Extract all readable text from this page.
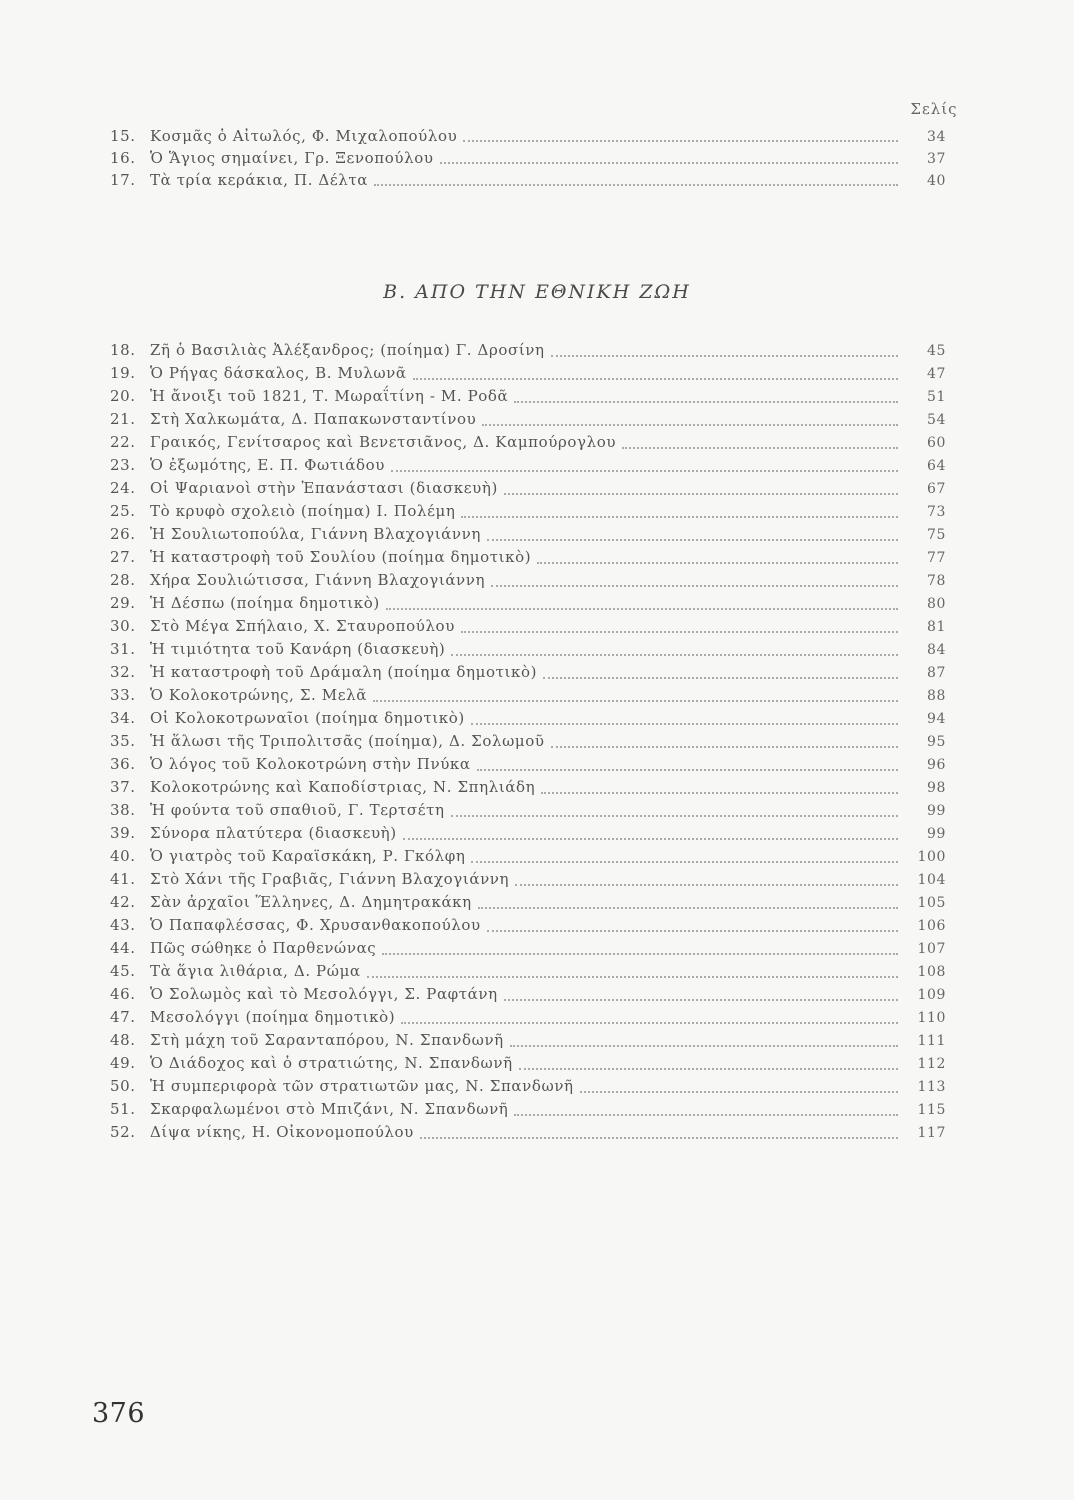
Σελίς
15. Κοσμᾶς ὁ Αἰτωλός, Φ. Μιχαλοπούλου	34
16. Ὁ Ἅγιος σημαίνει, Γρ. Ξενοπούλου	37
17. Τὰ τρία κεράκια, Π. Δέλτα	40
Β. ΑΠΟ ΤΗΝ ΕΘΝΙΚΗ ΖΩΗ
18. Ζῆ ὁ Βασιλιὰς Ἀλέξανδρος; (ποίημα) Γ. Δροσίνη	45
19. Ὁ Ρήγας δάσκαλος, Β. Μυλωνᾶ	47
20. Ἡ ἄνοιξι τοῦ 1821, Τ. Μωραΐτίνη - Μ. Ροδᾶ	51
21. Στὴ Χαλκωμάτα, Δ. Παπακωνσταντίνου	54
22. Γραικός, Γενίτσαρος καὶ Βενετσιᾶνος, Δ. Καμπούρογλου	60
23. Ὁ ἐξωμότης, Ε. Π. Φωτιάδου	64
24. Οἱ Ψαριανοὶ στὴν Ἐπανάστασι (διασκευὴ)	67
25. Τὸ κρυφὸ σχολειὸ (ποίημα) Ι. Πολέμη	73
26. Ἡ Σουλιωτοπούλα, Γιάννη Βλαχογιάννη	75
27. Ἡ καταστροφὴ τοῦ Σουλίου (ποίημα δημοτικὸ)	77
28. Χήρα Σουλιώτισσα, Γιάννη Βλαχογιάννη	78
29. Ἡ Δέσπω (ποίημα δημοτικὸ)	80
30. Στὸ Μέγα Σπήλαιο, Χ. Σταυροπούλου	81
31. Ἡ τιμιότητα τοῦ Κανάρη (διασκευὴ)	84
32. Ἡ καταστροφὴ τοῦ Δράμαλη (ποίημα δημοτικὸ)	87
33. Ὁ Κολοκοτρώνης, Σ. Μελᾶ	88
34. Οἱ Κολοκοτρωναῖοι (ποίημα δημοτικὸ)	94
35. Ἡ ἅλωσι τῆς Τριπολιτσᾶς (ποίημα), Δ. Σολωμοῦ	95
36. Ὁ λόγος τοῦ Κολοκοτρώνη στὴν Πνύκα	96
37. Κολοκοτρώνης καὶ Καποδίστριας, Ν. Σπηλιάδη	98
38. Ἡ φούντα τοῦ σπαθιοῦ, Γ. Τερτσέτη	99
39. Σύνορα πλατύτερα (διασκευὴ)	99
40. Ὁ γιατρὸς τοῦ Καραϊσκάκη, Ρ. Γκόλφη	100
41. Στὸ Χάνι τῆς Γραβιᾶς, Γιάννη Βλαχογιάννη	104
42. Σὰν ἀρχαῖοι Ἕλληνες, Δ. Δημητρακάκη	105
43. Ὁ Παπαφλέσσας, Φ. Χρυσανθακοπούλου	106
44. Πῶς σώθηκε ὁ Παρθενώνας	107
45. Τὰ ἅγια λιθάρια, Δ. Ρώμα	108
46. Ὁ Σολωμὸς καὶ τὸ Μεσολόγγι, Σ. Ραφτάνη	109
47. Μεσολόγγι (ποίημα δημοτικὸ)	110
48. Στὴ μάχη τοῦ Σαρανταπόρου, Ν. Σπανδωνῆ	111
49. Ὁ Διάδοχος καὶ ὁ στρατιώτης, Ν. Σπανδωνῆ	112
50. Ἡ συμπεριφορὰ τῶν στρατιωτῶν μας, Ν. Σπανδωνῆ	113
51. Σκαρφαλωμένοι στὸ Μπιζάνι, Ν. Σπανδωνῆ	115
52. Δίψα νίκης, Η. Οἰκονομοπούλου	117
376
